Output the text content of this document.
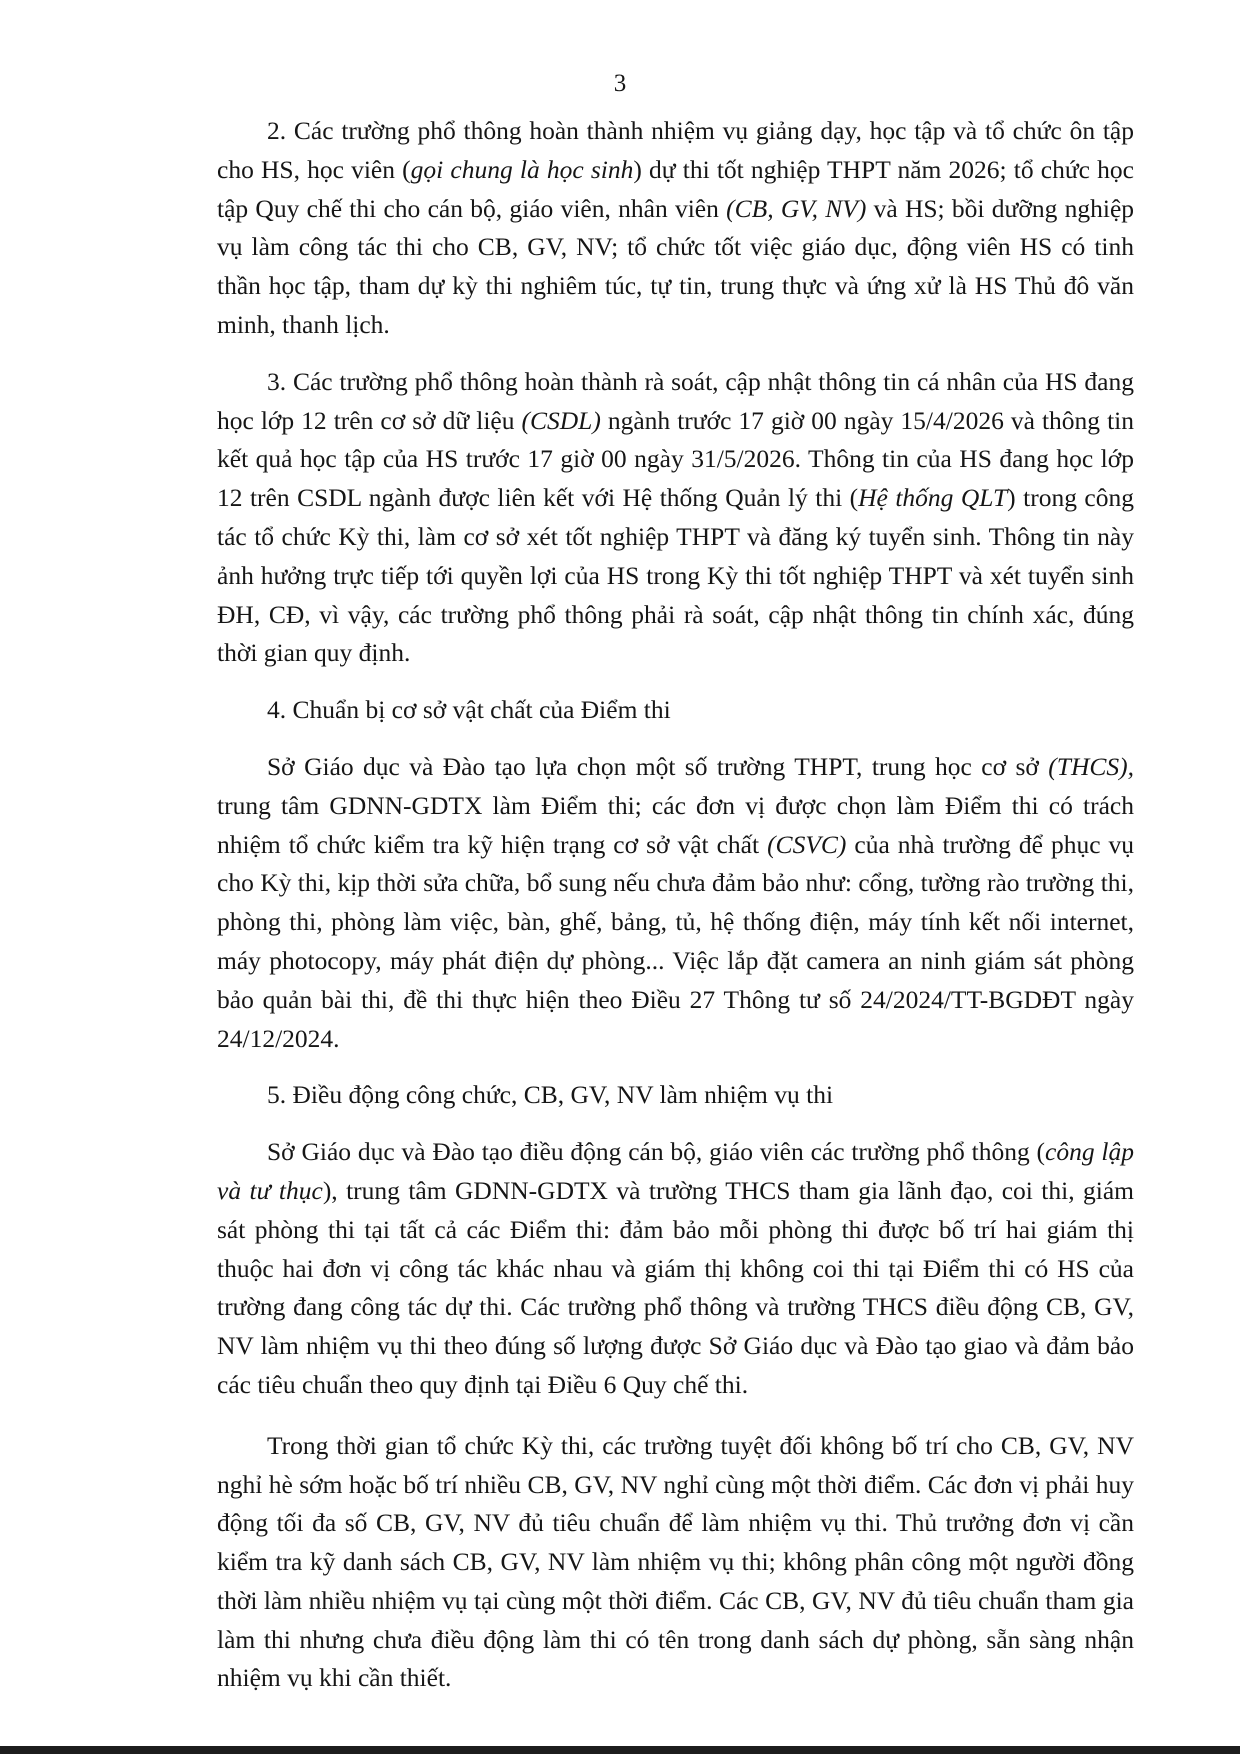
3

2. Các trường phổ thông hoàn thành nhiệm vụ giảng dạy, học tập và tổ chức ôn tập cho HS, học viên (gọi chung là học sinh) dự thi tốt nghiệp THPT năm 2026; tổ chức học tập Quy chế thi cho cán bộ, giáo viên, nhân viên (CB, GV, NV) và HS; bồi dưỡng nghiệp vụ làm công tác thi cho CB, GV, NV; tổ chức tốt việc giáo dục, động viên HS có tinh thần học tập, tham dự kỳ thi nghiêm túc, tự tin, trung thực và ứng xử là HS Thủ đô văn minh, thanh lịch.

3. Các trường phổ thông hoàn thành rà soát, cập nhật thông tin cá nhân của HS đang học lớp 12 trên cơ sở dữ liệu (CSDL) ngành trước 17 giờ 00 ngày 15/4/2026 và thông tin kết quả học tập của HS trước 17 giờ 00 ngày 31/5/2026. Thông tin của HS đang học lớp 12 trên CSDL ngành được liên kết với Hệ thống Quản lý thi (Hệ thống QLT) trong công tác tổ chức Kỳ thi, làm cơ sở xét tốt nghiệp THPT và đăng ký tuyển sinh. Thông tin này ảnh hưởng trực tiếp tới quyền lợi của HS trong Kỳ thi tốt nghiệp THPT và xét tuyển sinh ĐH, CĐ, vì vậy, các trường phổ thông phải rà soát, cập nhật thông tin chính xác, đúng thời gian quy định.

4. Chuẩn bị cơ sở vật chất của Điểm thi

Sở Giáo dục và Đào tạo lựa chọn một số trường THPT, trung học cơ sở (THCS), trung tâm GDNN-GDTX làm Điểm thi; các đơn vị được chọn làm Điểm thi có trách nhiệm tổ chức kiểm tra kỹ hiện trạng cơ sở vật chất (CSVC) của nhà trường để phục vụ cho Kỳ thi, kịp thời sửa chữa, bổ sung nếu chưa đảm bảo như: cổng, tường rào trường thi, phòng thi, phòng làm việc, bàn, ghế, bảng, tủ, hệ thống điện, máy tính kết nối internet, máy photocopy, máy phát điện dự phòng... Việc lắp đặt camera an ninh giám sát phòng bảo quản bài thi, đề thi thực hiện theo Điều 27 Thông tư số 24/2024/TT-BGDĐT ngày 24/12/2024.

5. Điều động công chức, CB, GV, NV làm nhiệm vụ thi

Sở Giáo dục và Đào tạo điều động cán bộ, giáo viên các trường phổ thông (công lập và tư thục), trung tâm GDNN-GDTX và trường THCS tham gia lãnh đạo, coi thi, giám sát phòng thi tại tất cả các Điểm thi: đảm bảo mỗi phòng thi được bố trí hai giám thị thuộc hai đơn vị công tác khác nhau và giám thị không coi thi tại Điểm thi có HS của trường đang công tác dự thi. Các trường phổ thông và trường THCS điều động CB, GV, NV làm nhiệm vụ thi theo đúng số lượng được Sở Giáo dục và Đào tạo giao và đảm bảo các tiêu chuẩn theo quy định tại Điều 6 Quy chế thi.

Trong thời gian tổ chức Kỳ thi, các trường tuyệt đối không bố trí cho CB, GV, NV nghỉ hè sớm hoặc bố trí nhiều CB, GV, NV nghỉ cùng một thời điểm. Các đơn vị phải huy động tối đa số CB, GV, NV đủ tiêu chuẩn để làm nhiệm vụ thi. Thủ trưởng đơn vị cần kiểm tra kỹ danh sách CB, GV, NV làm nhiệm vụ thi; không phân công một người đồng thời làm nhiều nhiệm vụ tại cùng một thời điểm. Các CB, GV, NV đủ tiêu chuẩn tham gia làm thi nhưng chưa điều động làm thi có tên trong danh sách dự phòng, sẵn sàng nhận nhiệm vụ khi cần thiết.
